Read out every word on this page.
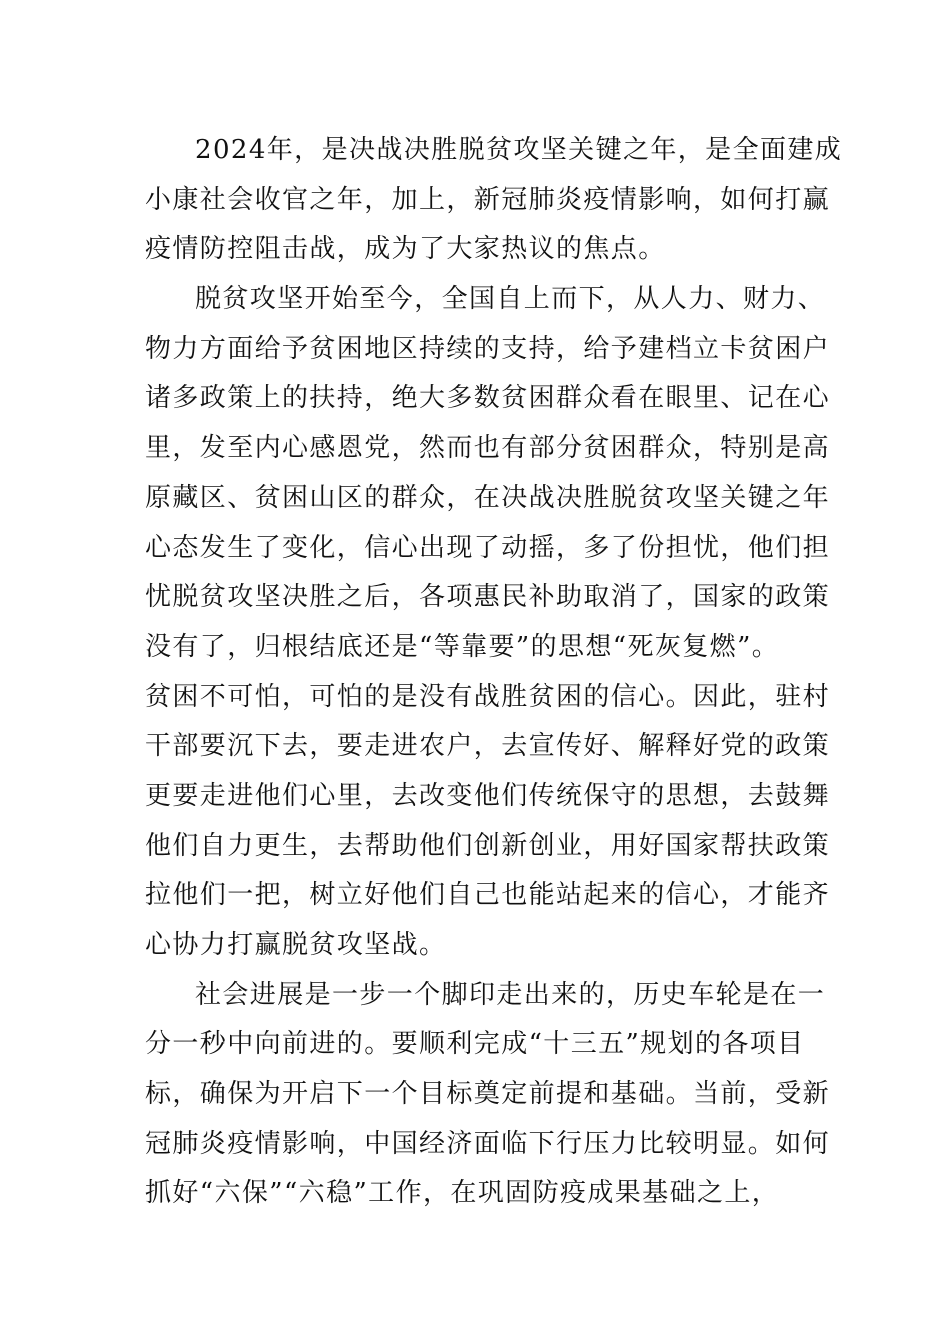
2024年，是决战决胜脱贫攻坚关键之年，是全面建成
小康社会收官之年，加上，新冠肺炎疫情影响，如何打赢
疫情防控阻击战，成为了大家热议的焦点。
脱贫攻坚开始至今，全国自上而下，从人力、财力、
物力方面给予贫困地区持续的支持，给予建档立卡贫困户
诸多政策上的扶持，绝大多数贫困群众看在眼里、记在心
里，发至内心感恩党，然而也有部分贫困群众，特别是高
原藏区、贫困山区的群众，在决战决胜脱贫攻坚关键之年
心态发生了变化，信心出现了动摇，多了份担忧，他们担
忧脱贫攻坚决胜之后，各项惠民补助取消了，国家的政策
没有了，归根结底还是“等靠要”的思想“死灰复燃”。
贫困不可怕，可怕的是没有战胜贫困的信心。因此，驻村
干部要沉下去，要走进农户，去宣传好、解释好党的政策
更要走进他们心里，去改变他们传统保守的思想，去鼓舞
他们自力更生，去帮助他们创新创业，用好国家帮扶政策
拉他们一把，树立好他们自己也能站起来的信心，才能齐
心协力打赢脱贫攻坚战。
社会进展是一步一个脚印走出来的，历史车轮是在一
分一秒中向前进的。要顺利完成“十三五”规划的各项目
标，确保为开启下一个目标奠定前提和基础。当前，受新
冠肺炎疫情影响，中国经济面临下行压力比较明显。如何
抓好“六保”“六稳”工作，在巩固防疫成果基础之上，
